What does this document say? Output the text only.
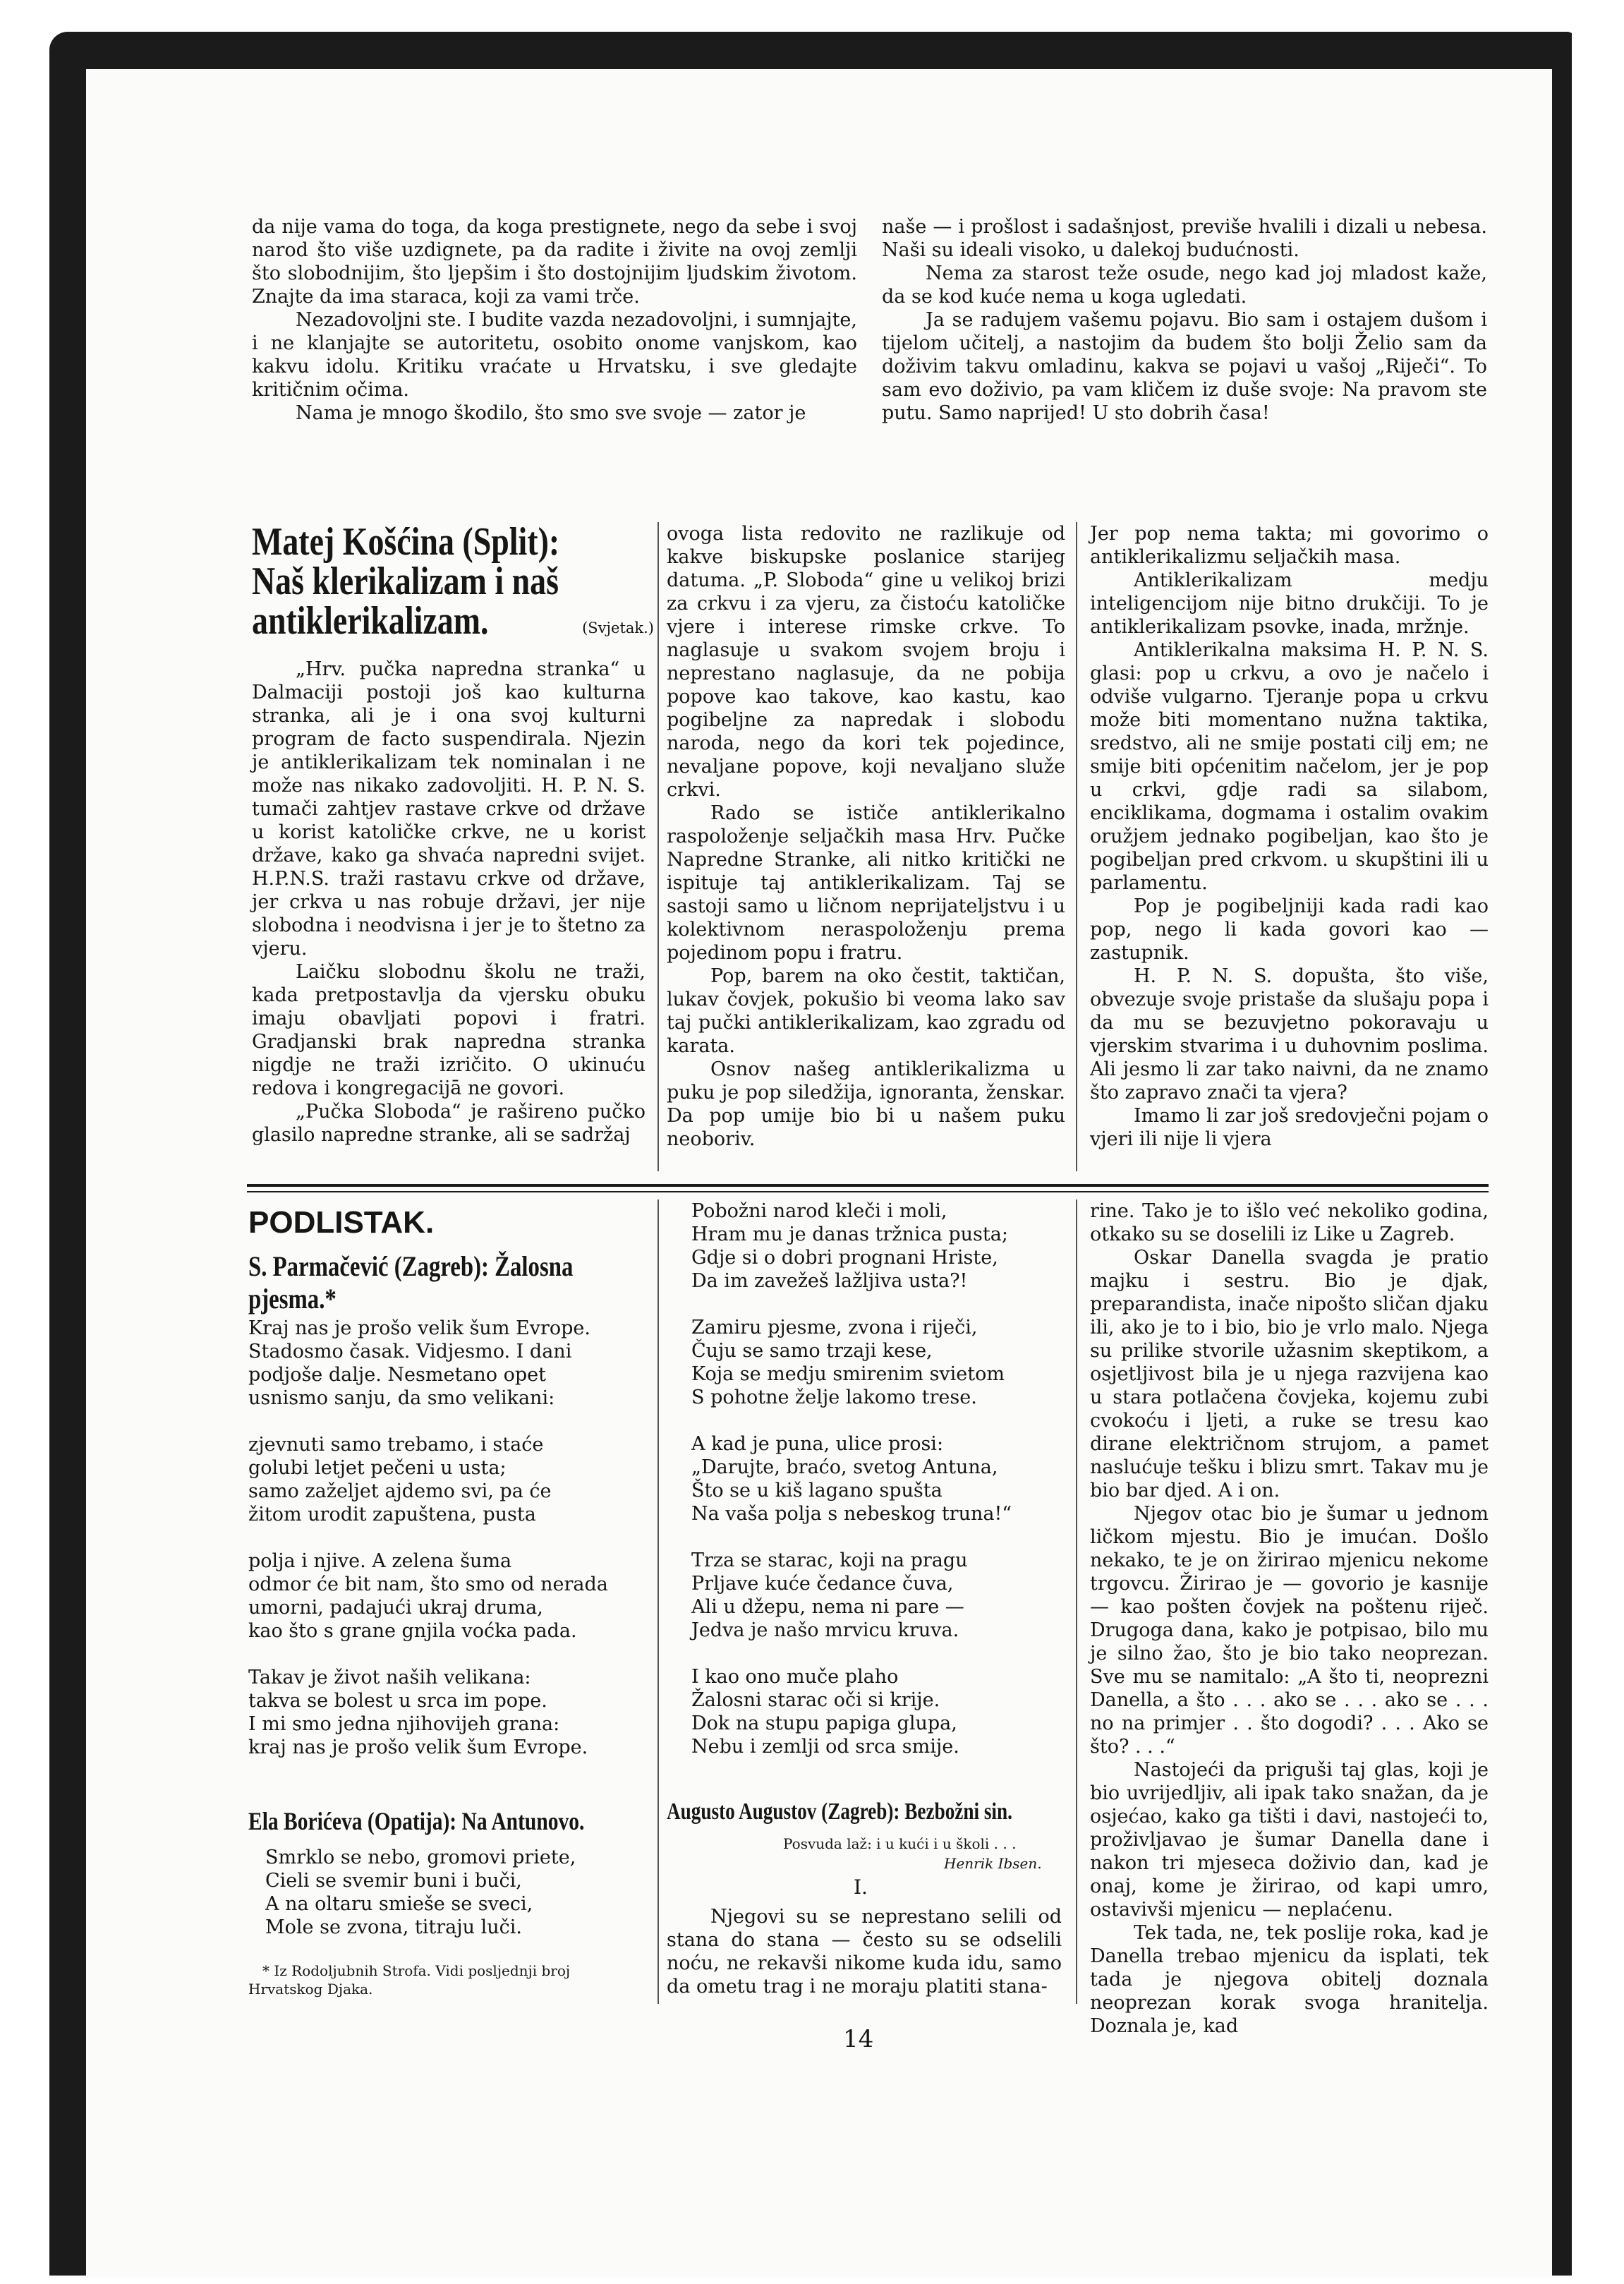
da nije vama do toga, da koga prestignete, nego da sebe i svoj narod što više uzdignete, pa da radite i živite na ovoj zemlji što slobodnijim, što ljepšim i što dostojnijim ljudskim životom. Znajte da ima staraca, koji za vami trče.

Nezadovoljni ste. I budite vazda nezadovoljni, i sumnjajte, i ne klanjajte se autoritetu, osobito onome vanjskom, kao kakvu idolu. Kritiku vraćate u Hrvatsku, i sve gledajte kritičnim očima.

Nama je mnogo škodilo, što smo sve svoje — zator je

naše — i prošlost i sadašnjost, previše hvalili i dizali u nebesa. Naši su ideali visoko, u dalekoj budućnosti.

Nema za starost teže osude, nego kad joj mladost kaže, da se kod kuće nema u koga ugledati.

Ja se radujem vašemu pojavu. Bio sam i ostajem dušom i tijelom učitelj, a nastojim da budem što bolji Želio sam da doživim takvu omladinu, kakva se pojavi u vašoj „Riječi“. To sam evo doživio, pa vam kličem iz duše svoje: Na pravom ste putu. Samo naprijed! U sto dobrih časa!

Matej Košćina (Split): Naš klerikalizam i naš antiklerikalizam.	(Svjetak.)

„Hrv. pučka napredna stranka“ u Dalmaciji postoji još kao kulturna stranka, ali je i ona svoj kulturni program de facto suspendirala. Njezin je antiklerikalizam tek nominalan i ne može nas nikako zadovoljiti. H. P. N. S. tumači zahtjev rastave crkve od države u korist katoličke crkve, ne u korist države, kako ga shvaća napredni svijet. H.P.N.S. traži rastavu crkve od države, jer crkva u nas robuje državi, jer nije slobodna i neodvisna i jer je to štetno za vjeru.

Laičku slobodnu školu ne traži, kada pretpostavlja da vjersku obuku imaju obavljati popovi i fratri. Gradjanski brak napredna stranka nigdje ne traži izričito. O ukinuću redova i kongregacijā ne govori.

„Pučka Sloboda“ je rašireno pučko glasilo napredne stranke, ali se sadržaj

ovoga lista redovito ne razlikuje od kakve biskupske poslanice starijeg datuma. „P. Sloboda“ gine u velikoj brizi za crkvu i za vjeru, za čistoću katoličke vjere i interese rimske crkve. To naglasuje u svakom svojem broju i neprestano naglasuje, da ne pobija popove kao takove, kao kastu, kao pogibeljne za napredak i slobodu naroda, nego da kori tek pojedince, nevaljane popove, koji nevaljano služe crkvi.

Rado se ističe antiklerikalno raspoloženje seljačkih masa Hrv. Pučke Napredne Stranke, ali nitko kritički ne ispituje taj antiklerikalizam. Taj se sastoji samo u ličnom neprijateljstvu i u kolektivnom neraspoloženju prema pojedinom popu i fratru.

Pop, barem na oko čestit, taktičan, lukav čovjek, pokušio bi veoma lako sav taj pučki antiklerikalizam, kao zgradu od karata.

Osnov našeg antiklerikalizma u puku je pop siledžija, ignoranta, ženskar. Da pop umije bio bi u našem puku neoboriv.

Jer pop nema takta; mi govorimo o antiklerikalizmu seljačkih masa.

Antiklerikalizam medju inteligencijom nije bitno drukčiji. To je antiklerikalizam psovke, inada, mržnje.

Antiklerikalna maksima H. P. N. S. glasi: pop u crkvu, a ovo je načelo i odviše vulgarno. Tjeranje popa u crkvu može biti momentano nužna taktika, sredstvo, ali ne smije postati cilj em; ne smije biti općenitim načelom, jer je pop u crkvi, gdje radi sa silabom, enciklikama, dogmama i ostalim ovakim oružjem jednako pogibeljan, kao što je pogibeljan pred crkvom. u skupštini ili u parlamentu.

Pop je pogibeljniji kada radi kao pop, nego li kada govori kao — zastupnik.

H. P. N. S. dopušta, što više, obvezuje svoje pristaše da slušaju popa i da mu se bezuvjetno pokoravaju u vjerskim stvarima i u duhovnim poslima. Ali jesmo li zar tako naivni, da ne znamo što zapravo znači ta vjera?

Imamo li zar još sredovječni pojam o vjeri ili nije li vjera

PODLISTAK.
S. Parmačević (Zagreb): Žalosna pjesma.*

Kraj nas je prošo velik šum Evrope.

Stadosmo časak. Vidjesmo. I dani

podjoše dalje. Nesmetano opet

usnismo sanju, da smo velikani:

zjevnuti samo trebamo, i staće

golubi letjet pečeni u usta;

samo zaželjet ajdemo svi, pa će

žitom urodit zapuštena, pusta

polja i njive. A zelena šuma

odmor će bit nam, što smo od nerada

umorni, padajući ukraj druma,

kao što s grane gnjila voćka pada.

Takav je život naših velikana:

takva se bolest u srca im pope.

I mi smo jedna njihovijeh grana:

kraj nas je prošo velik šum Evrope.

Ela Borićeva (Opatija): Na Antunovo.

Smrklo se nebo, gromovi priete,

Cieli se svemir buni i buči,

A na oltaru smieše se sveci,

Mole se zvona, titraju luči.

* Iz Rodoljubnih Strofa. Vidi posljednji broj Hrvatskog Djaka.

Pobožni narod kleči i moli,

Hram mu je danas tržnica pusta;

Gdje si o dobri prognani Hriste,

Da im zavežeš lažljiva usta?!

Zamiru pjesme, zvona i riječi,

Čuju se samo trzaji kese,

Koja se medju smirenim svietom

S pohotne želje lakomo trese.

A kad je puna, ulice prosi:

„Darujte, braćo, svetog Antuna,

Što se u kiš lagano spušta

Na vaša polja s nebeskog truna!“

Trza se starac, koji na pragu

Prljave kuće čedance čuva,

Ali u džepu, nema ni pare —

Jedva je našo mrvicu kruva.

I kao ono muče plaho

Žalosni starac oči si krije.

Dok na stupu papiga glupa,

Nebu i zemlji od srca smije.

Augusto Augustov (Zagreb): Bezbožni sin.
Posvuda laž: i u kući i u školi . . .
Henrik Ibsen.
I.

Njegovi su se neprestano selili od stana do stana — često su se odselili noću, ne rekavši nikome kuda idu, samo da ometu trag i ne moraju platiti stana-

rine. Tako je to išlo već nekoliko godina, otkako su se doselili iz Like u Zagreb.

Oskar Danella svagda je pratio majku i sestru. Bio je djak, preparandista, inače nipošto sličan djaku ili, ako je to i bio, bio je vrlo malo. Njega su prilike stvorile užasnim skeptikom, a osjetljivost bila je u njega razvijena kao u stara potlačena čovjeka, kojemu zubi cvokoću i ljeti, a ruke se tresu kao dirane električnom strujom, a pamet naslućuje tešku i blizu smrt. Takav mu je bio bar djed. A i on.

Njegov otac bio je šumar u jednom ličkom mjestu. Bio je imućan. Došlo nekako, te je on žirirao mjenicu nekome trgovcu. Žirirao je — govorio je kasnije — kao pošten čovjek na poštenu riječ. Drugoga dana, kako je potpisao, bilo mu je silno žao, što je bio tako neoprezan. Sve mu se namitalo: „A što ti, neoprezni Danella, a što . . . ako se . . . ako se . . . no na primjer . . što dogodi? . . . Ako se što? . . .“

Nastojeći da priguši taj glas, koji je bio uvrijedljiv, ali ipak tako snažan, da je osjećao, kako ga tišti i davi, nastojeći to, proživljavao je šumar Danella dane i nakon tri mjeseca doživio dan, kad je onaj, kome je žirirao, od kapi umro, ostavivši mjenicu — neplaćenu.

Tek tada, ne, tek poslije roka, kad je Danella trebao mjenicu da isplati, tek tada je njegova obitelj doznala neoprezan korak svoga hranitelja. Doznala je, kad

14
